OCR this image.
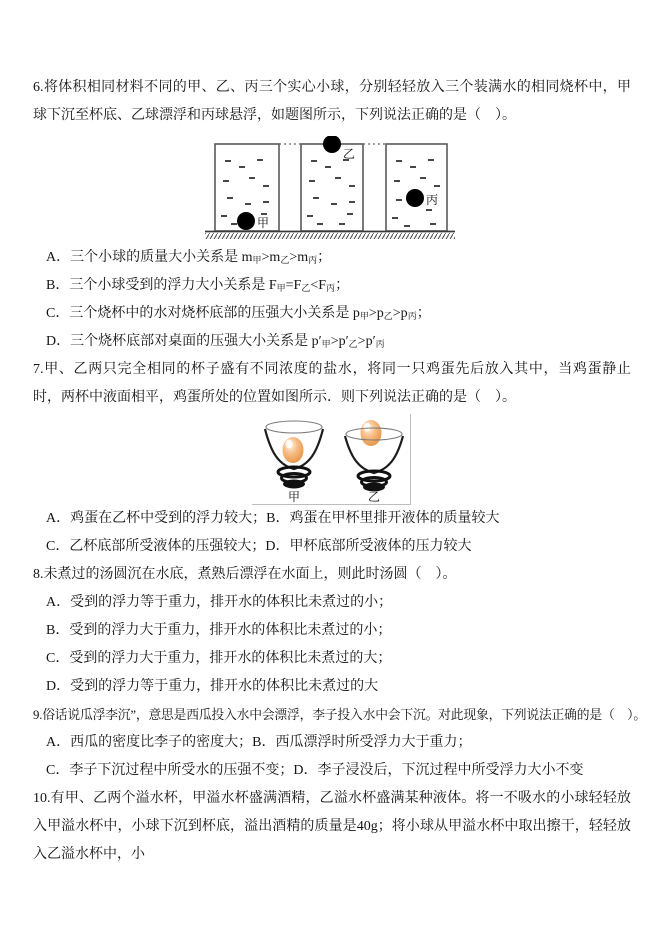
6.将体积相同材料不同的甲、乙、丙三个实心小球，分别轻轻放入三个装满水的相同烧杯中，甲球下沉至杯底、乙球漂浮和丙球悬浮，如题图所示，下列说法正确的是（　）。

甲
乙
丙

A．三个小球的质量大小关系是 $m_甲>m_乙>m_丙$；

B．三个小球受到的浮力大小关系是 $F_甲=F_乙<F_丙$；

C．三个烧杯中的水对烧杯底部的压强大小关系是 $p_甲>p_乙>p_丙$；

D．三个烧杯底部对桌面的压强大小关系是 $p'_甲>p'_乙>p'_丙$

7.甲、乙两只完全相同的杯子盛有不同浓度的盐水，将同一只鸡蛋先后放入其中，当鸡蛋静止时，两杯中液面相平，鸡蛋所处的位置如图所示．则下列说法正确的是（　）。

甲	乙

A．鸡蛋在乙杯中受到的浮力较大；B．鸡蛋在甲杯里排开液体的质量较大

C．乙杯底部所受液体的压强较大；D．甲杯底部所受液体的压力较大

8.未煮过的汤圆沉在水底，煮熟后漂浮在水面上，则此时汤圆（　）。

A．受到的浮力等于重力，排开水的体积比未煮过的小；

B．受到的浮力大于重力，排开水的体积比未煮过的小；

C．受到的浮力大于重力，排开水的体积比未煮过的大；

D．受到的浮力等于重力，排开水的体积比未煮过的大

9.俗话说瓜浮李沉”，意思是西瓜投入水中会漂浮，李子投入水中会下沉。对此现象，下列说法正确的是（　）。

A．西瓜的密度比李子的密度大；B．西瓜漂浮时所受浮力大于重力；

C．李子下沉过程中所受水的压强不变；D．李子浸没后，下沉过程中所受浮力大小不变

10.有甲、乙两个溢水杯，甲溢水杯盛满酒精，乙溢水杯盛满某种液体。将一不吸水的小球轻轻放入甲溢水杯中，小球下沉到杯底，溢出酒精的质量是40g；将小球从甲溢水杯中取出擦干，轻轻放入乙溢水杯中，小
